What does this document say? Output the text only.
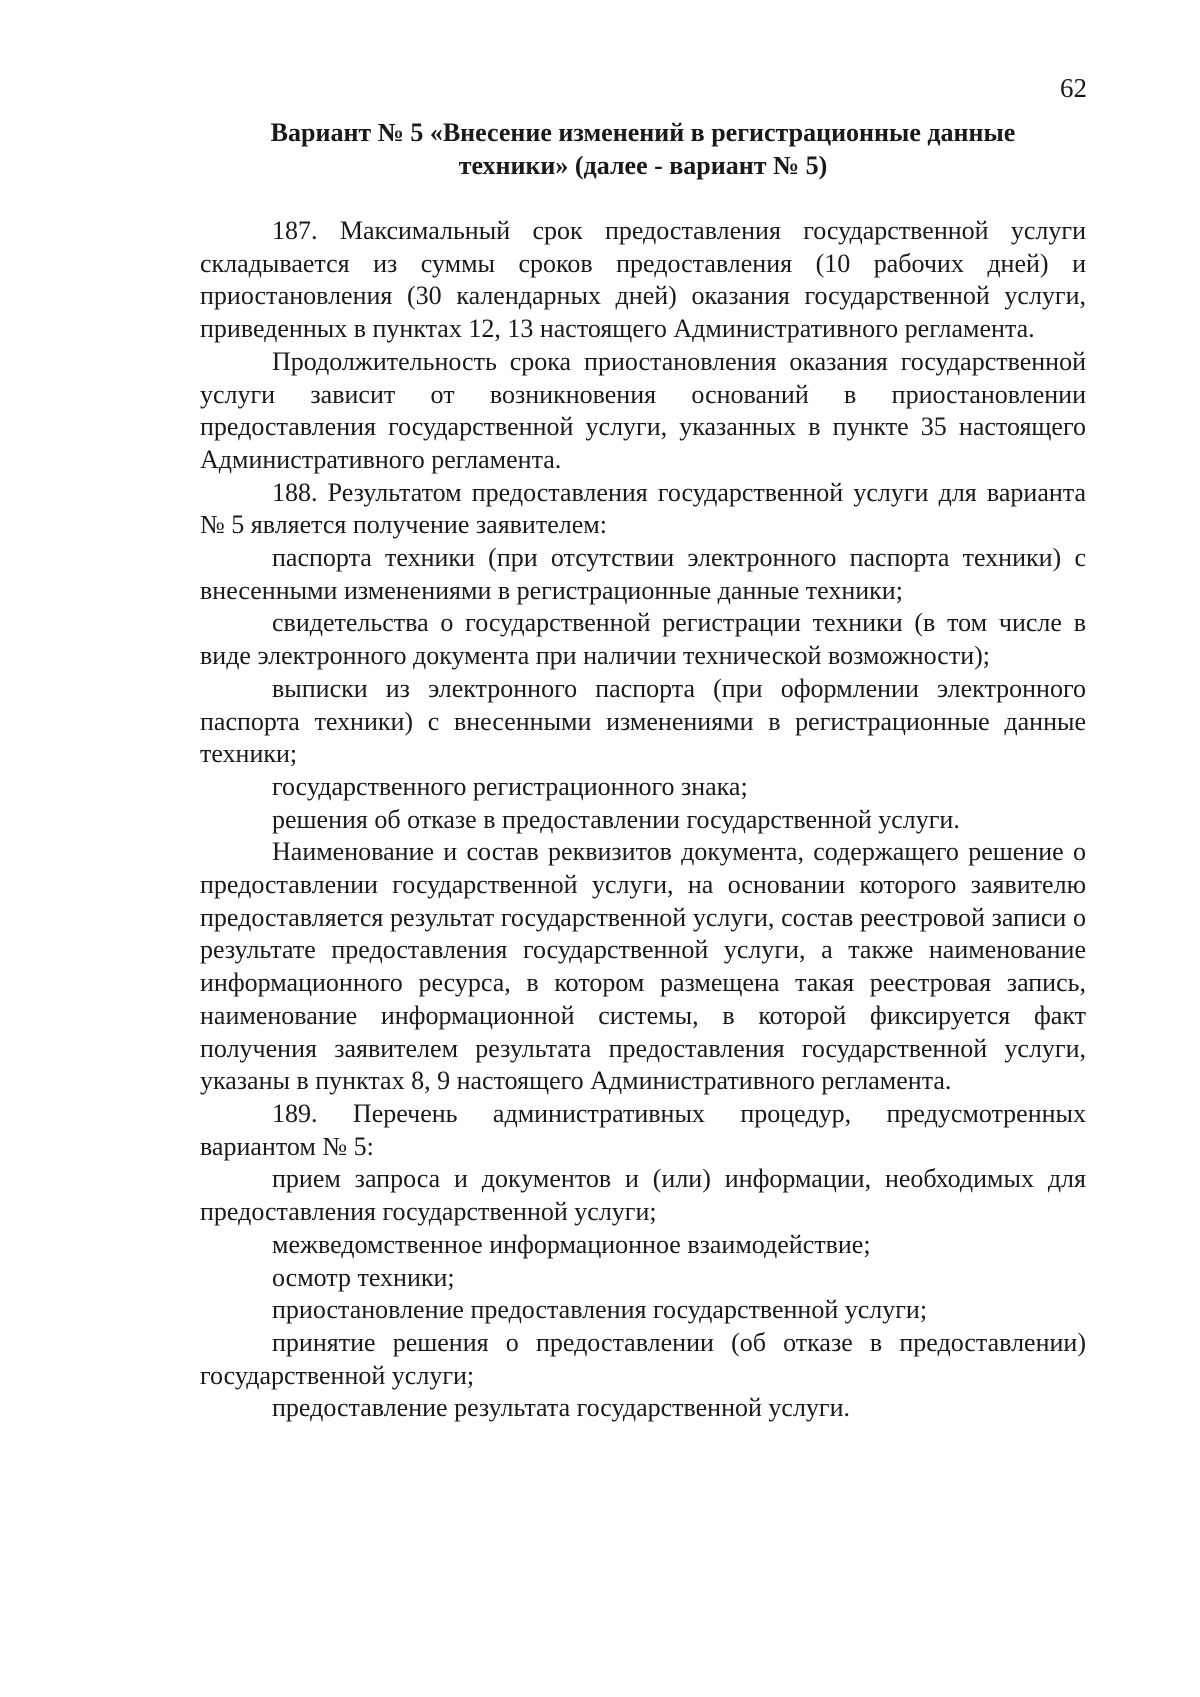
62
Вариант № 5 «Внесение изменений в регистрационные данные
техники» (далее - вариант № 5)

187. Максимальный срок предоставления государственной услуги складывается из суммы сроков предоставления (10 рабочих дней) и приостановления (30 календарных дней) оказания государственной услуги, приведенных в пунктах 12, 13 настоящего Административного регламента.

Продолжительность срока приостановления оказания государственной услуги зависит от возникновения оснований в приостановлении предоставления государственной услуги, указанных в пункте 35 настоящего Административного регламента.

188. Результатом предоставления государственной услуги для варианта № 5 является получение заявителем:

паспорта техники (при отсутствии электронного паспорта техники) с внесенными изменениями в регистрационные данные техники;

свидетельства о государственной регистрации техники (в том числе в виде электронного документа при наличии технической возможности);

выписки из электронного паспорта (при оформлении электронного паспорта техники) с внесенными изменениями в регистрационные данные техники;

государственного регистрационного знака;

решения об отказе в предоставлении государственной услуги.

Наименование и состав реквизитов документа, содержащего решение о предоставлении государственной услуги, на основании которого заявителю предоставляется результат государственной услуги, состав реестровой записи о результате предоставления государственной услуги, а также наименование информационного ресурса, в котором размещена такая реестровая запись, наименование информационной системы, в которой фиксируется факт получения заявителем результата предоставления государственной услуги, указаны в пунктах 8, 9 настоящего Административного регламента.

189. Перечень административных процедур, предусмотренных вариантом № 5:

прием запроса и документов и (или) информации, необходимых для предоставления государственной услуги;

межведомственное информационное взаимодействие;

осмотр техники;

приостановление предоставления государственной услуги;

принятие решения о предоставлении (об отказе в предоставлении) государственной услуги;

предоставление результата государственной услуги.
